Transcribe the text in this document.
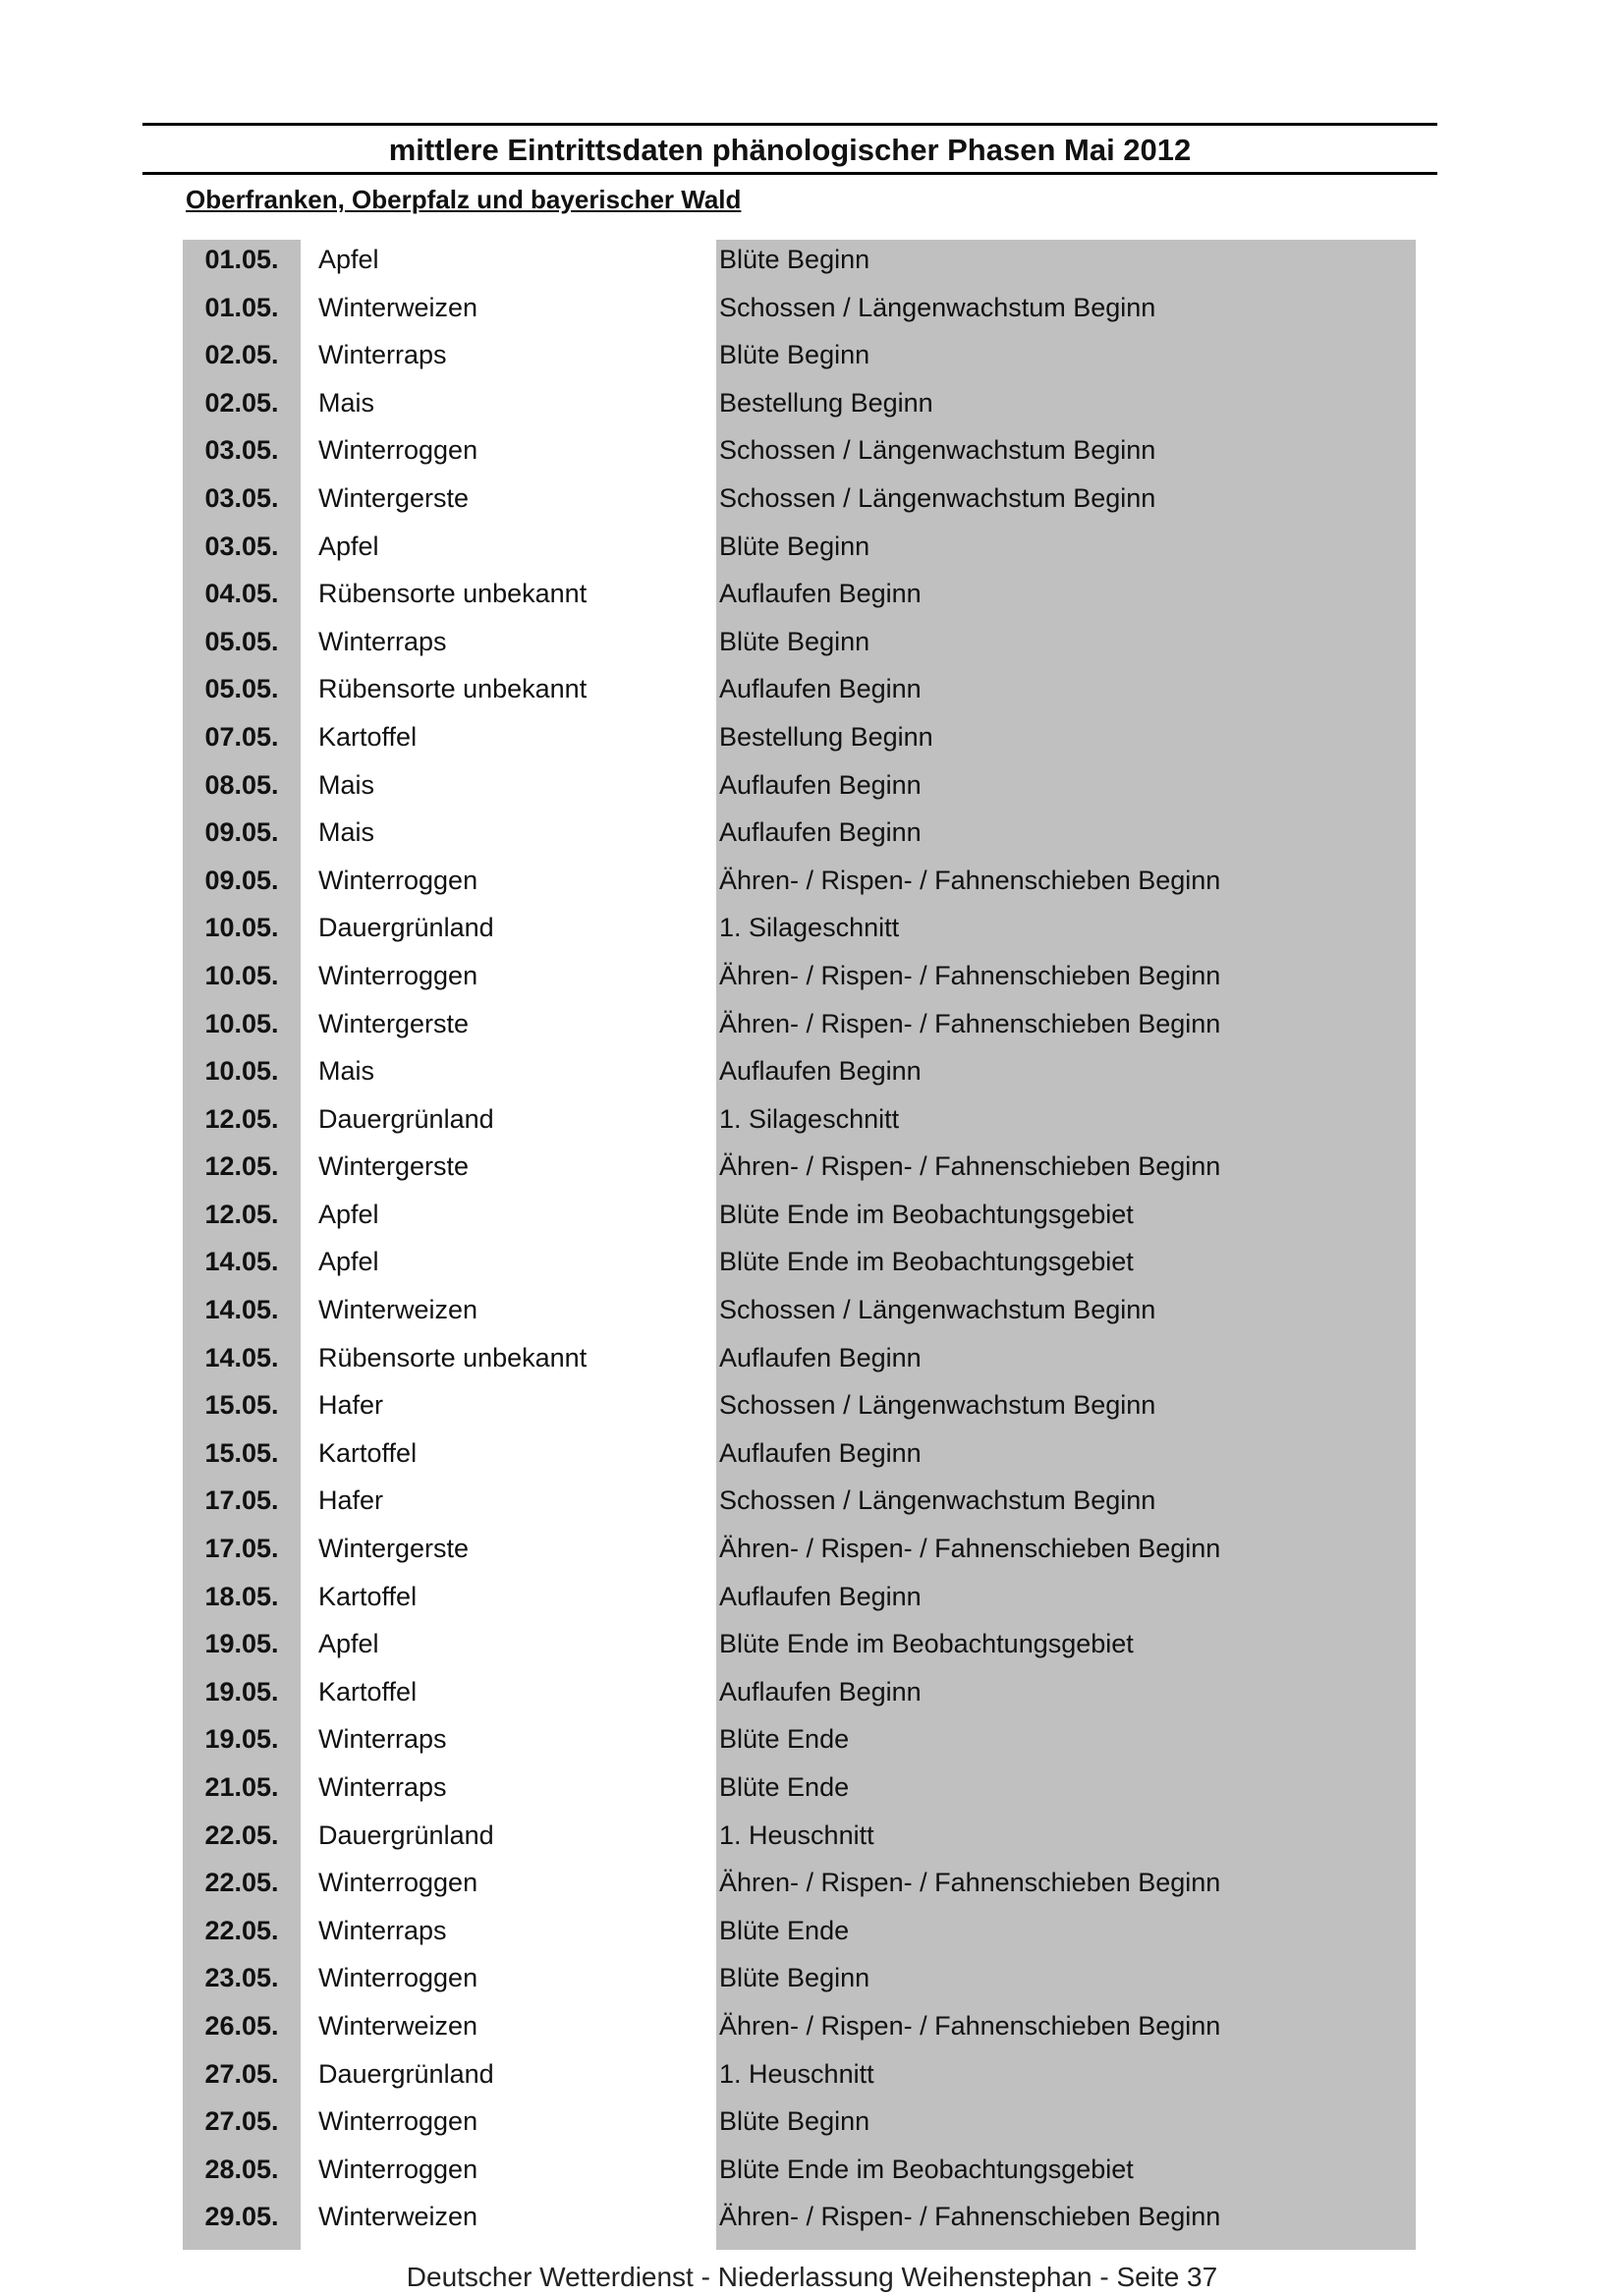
mittlere Eintrittsdaten phänologischer Phasen Mai 2012
Oberfranken, Oberpfalz und bayerischer Wald
01.05.	Apfel	Blüte Beginn
01.05.	Winterweizen	Schossen / Längenwachstum Beginn
02.05.	Winterraps	Blüte Beginn
02.05.	Mais	Bestellung Beginn
03.05.	Winterroggen	Schossen / Längenwachstum Beginn
03.05.	Wintergerste	Schossen / Längenwachstum Beginn
03.05.	Apfel	Blüte Beginn
04.05.	Rübensorte unbekannt	Auflaufen Beginn
05.05.	Winterraps	Blüte Beginn
05.05.	Rübensorte unbekannt	Auflaufen Beginn
07.05.	Kartoffel	Bestellung Beginn
08.05.	Mais	Auflaufen Beginn
09.05.	Mais	Auflaufen Beginn
09.05.	Winterroggen	Ähren- / Rispen- / Fahnenschieben Beginn
10.05.	Dauergrünland	1. Silageschnitt
10.05.	Winterroggen	Ähren- / Rispen- / Fahnenschieben Beginn
10.05.	Wintergerste	Ähren- / Rispen- / Fahnenschieben Beginn
10.05.	Mais	Auflaufen Beginn
12.05.	Dauergrünland	1. Silageschnitt
12.05.	Wintergerste	Ähren- / Rispen- / Fahnenschieben Beginn
12.05.	Apfel	Blüte Ende im Beobachtungsgebiet
14.05.	Apfel	Blüte Ende im Beobachtungsgebiet
14.05.	Winterweizen	Schossen / Längenwachstum Beginn
14.05.	Rübensorte unbekannt	Auflaufen Beginn
15.05.	Hafer	Schossen / Längenwachstum Beginn
15.05.	Kartoffel	Auflaufen Beginn
17.05.	Hafer	Schossen / Längenwachstum Beginn
17.05.	Wintergerste	Ähren- / Rispen- / Fahnenschieben Beginn
18.05.	Kartoffel	Auflaufen Beginn
19.05.	Apfel	Blüte Ende im Beobachtungsgebiet
19.05.	Kartoffel	Auflaufen Beginn
19.05.	Winterraps	Blüte Ende
21.05.	Winterraps	Blüte Ende
22.05.	Dauergrünland	1. Heuschnitt
22.05.	Winterroggen	Ähren- / Rispen- / Fahnenschieben Beginn
22.05.	Winterraps	Blüte Ende
23.05.	Winterroggen	Blüte Beginn
26.05.	Winterweizen	Ähren- / Rispen- / Fahnenschieben Beginn
27.05.	Dauergrünland	1. Heuschnitt
27.05.	Winterroggen	Blüte Beginn
28.05.	Winterroggen	Blüte Ende im Beobachtungsgebiet
29.05.	Winterweizen	Ähren- / Rispen- / Fahnenschieben Beginn
Deutscher Wetterdienst - Niederlassung Weihenstephan - Seite 37
